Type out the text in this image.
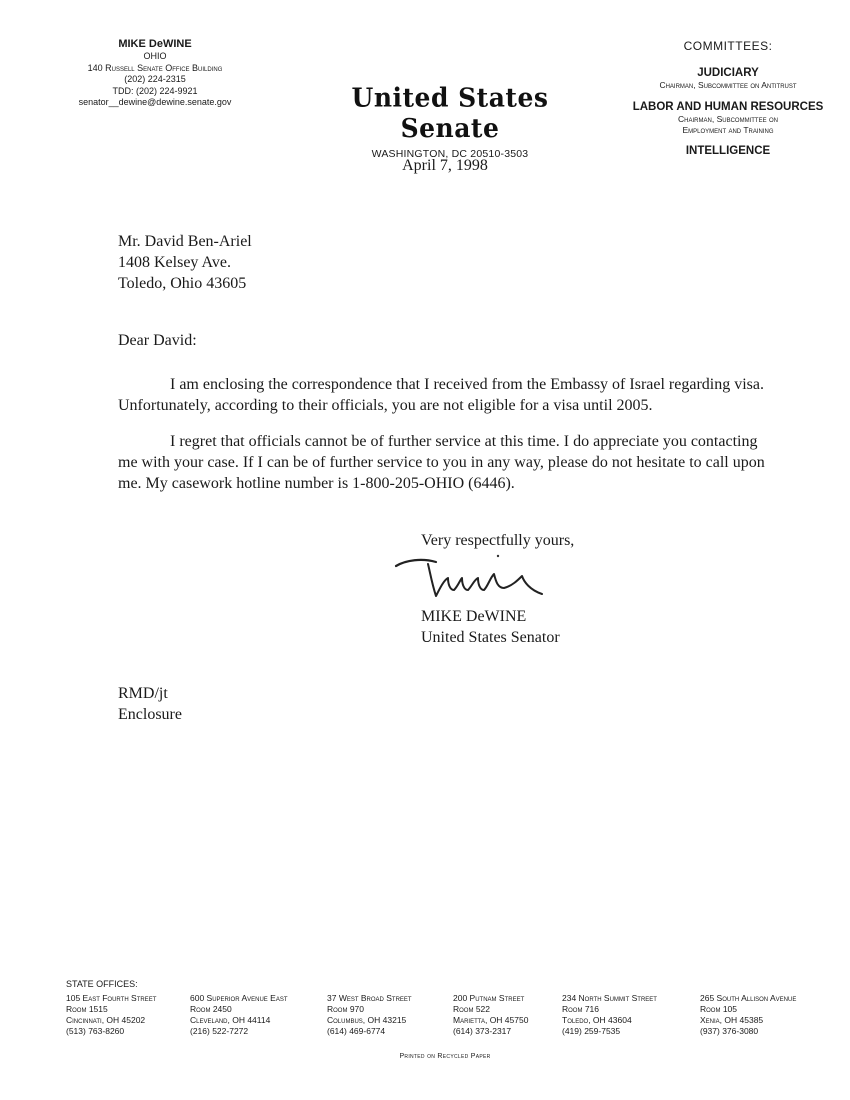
MIKE DeWINE
OHIO
140 Russell Senate Office Building
(202) 224-2315
TDD: (202) 224-9921
senator__dewine@dewine.senate.gov	United States Senate
WASHINGTON, DC 20510-3503
April 7, 1998
COMMITTEES:
JUDICIARY
Chairman, Subcommittee on Antitrust
LABOR AND HUMAN RESOURCES
Chairman, Subcommittee on
Employment and Training
INTELLIGENCE
Mr. David Ben-Ariel
1408 Kelsey Ave.
Toledo, Ohio 43605
Dear David:
I am enclosing the correspondence that I received from the Embassy of Israel regarding visa. Unfortunately, according to their officials, you are not eligible for a visa until 2005.
I regret that officials cannot be of further service at this time. I do appreciate you contacting me with your case. If I can be of further service to you in any way, please do not hesitate to call upon me. My casework hotline number is 1-800-205-OHIO (6446).
Very respectfully yours,
MIKE DeWINE
United States Senator
RMD/jt
Enclosure
STATE OFFICES:
105 East Fourth Street
Room 1515
Cincinnati, OH 45202
(513) 763-8260
600 Superior Avenue East
Room 2450
Cleveland, OH 44114
(216) 522-7272
37 West Broad Street
Room 970
Columbus, OH 43215
(614) 469-6774
200 Putnam Street
Room 522
Marietta, OH 45750
(614) 373-2317
234 North Summit Street
Room 716
Toledo, OH 43604
(419) 259-7535
265 South Allison Avenue
Room 105
Xenia, OH 45385
(937) 376-3080
Printed on Recycled Paper
